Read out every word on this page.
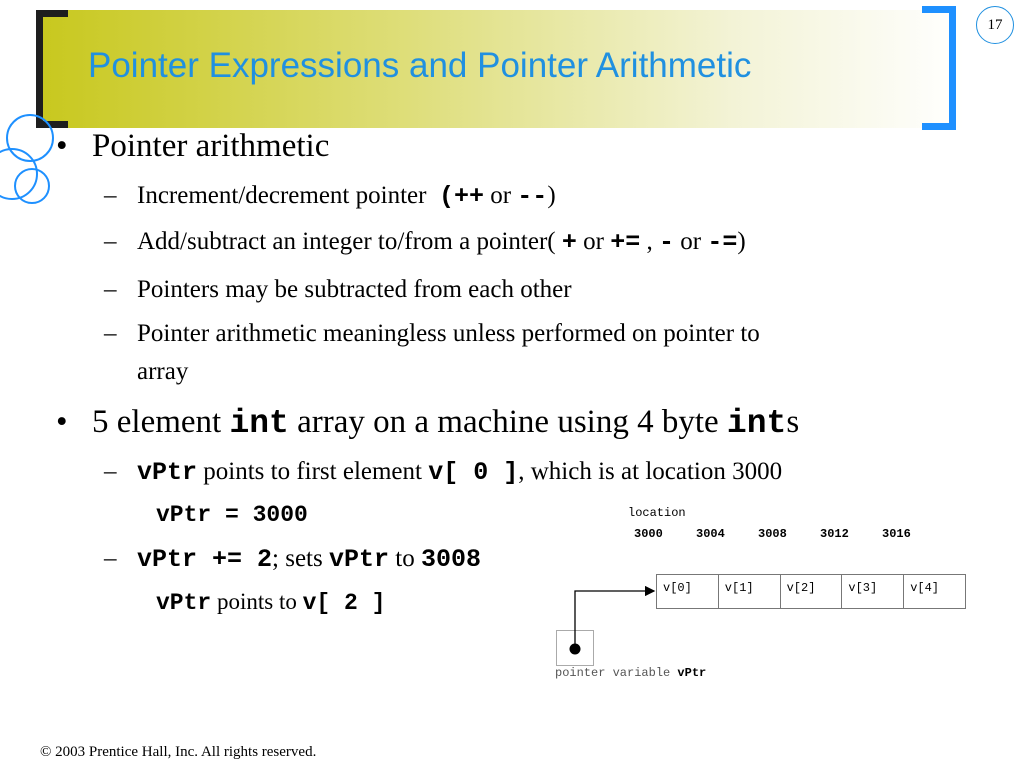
Pointer Expressions and Pointer Arithmetic
17
• Pointer arithmetic
– Increment/decrement pointer (++ or --)
– Add/subtract an integer to/from a pointer( + or += , - or -=)
– Pointers may be subtracted from each other
– Pointer arithmetic meaningless unless performed on pointer to
array
• 5 element int array on a machine using 4 byte ints
– vPtr points to first element v[ 0 ], which is at location 3000
vPtr = 3000
– vPtr += 2; sets vPtr to 3008
vPtr points to v[ 2 ]
location
3000	3004	3008	3012	3016
v[0]	v[1]	v[2]	v[3]	v[4]
pointer variable vPtr
© 2003 Prentice Hall, Inc. All rights reserved.
